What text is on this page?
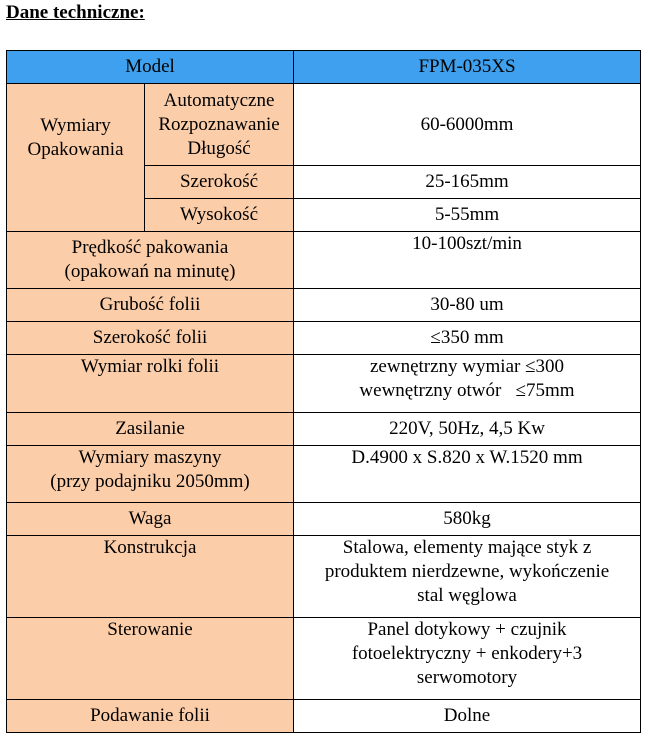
Dane techniczne:
Model		FPM-035XS

Wymiary
Opakowania	Automatyczne
Rozpoznawanie
Długość	60-6000mm

	Szerokość	25-165mm

	Wysokość	5-55mm

Prędkość pakowania
(opakowań na minutę)		10-100szt/min

Grubość folii		30-80 um

Szerokość folii		≤350 mm

Wymiar rolki folii		zewnętrzny wymiar ≤300
wewnętrzny otwór   ≤75mm

Zasilanie		220V, 50Hz, 4,5 Kw

Wymiary maszyny
(przy podajniku 2050mm)		D.4900 x S.820 x W.1520 mm

Waga		580kg

Konstrukcja		Stalowa, elementy mające styk z
produktem nierdzewne, wykończenie
stal węglowa

Sterowanie		Panel dotykowy + czujnik
fotoelektryczny + enkodery+3
serwomotory

Podawanie folii		Dolne
